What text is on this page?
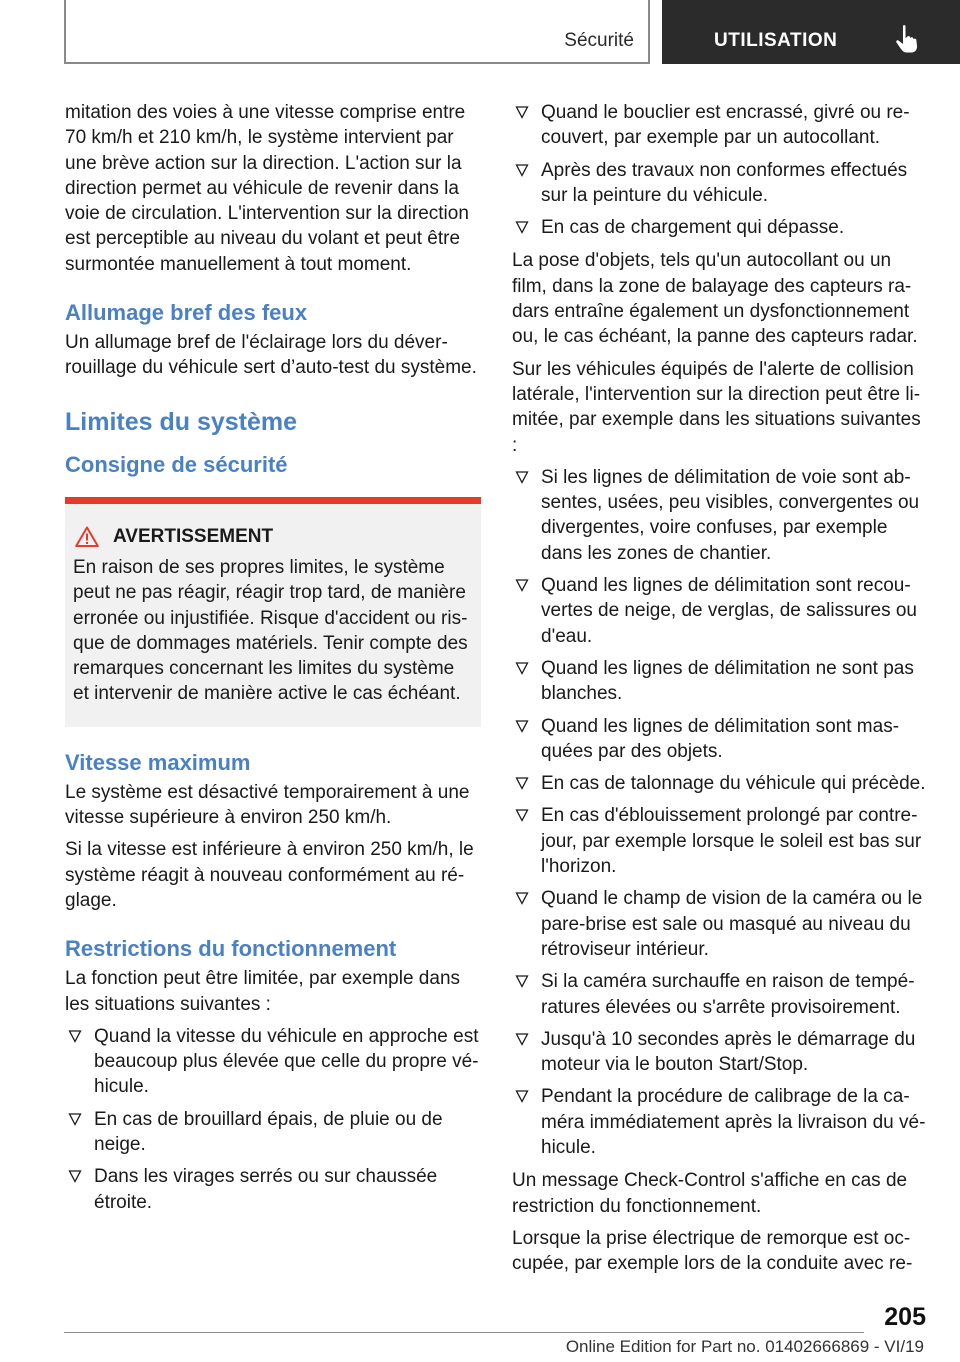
Sécurité	UTILISATION

mitation des voies à une vitesse comprise entre 70 km/h et 210 km/h, le système intervient par une brève action sur la direction. L'action sur la direction permet au véhicule de revenir dans la voie de circulation. L'intervention sur la direction est perceptible au niveau du volant et peut être surmontée manuellement à tout moment.

Allumage bref des feux

Un allumage bref de l'éclairage lors du déverrouillage du véhicule sert d’auto-test du système.

Limites du système
Consigne de sécurité
AVERTISSEMENT
En raison de ses propres limites, le système peut ne pas réagir, réagir trop tard, de manière erronée ou injustifiée. Risque d'accident ou risque de dommages matériels. Tenir compte des remarques concernant les limites du système et intervenir de manière active le cas échéant.
Vitesse maximum

Le système est désactivé temporairement à une vitesse supérieure à environ 250 km/h.

Si la vitesse est inférieure à environ 250 km/h, le système réagit à nouveau conformément au réglage.

Restrictions du fonctionnement

La fonction peut être limitée, par exemple dans les situations suivantes :

Quand la vitesse du véhicule en approche est beaucoup plus élevée que celle du propre véhicule.
En cas de brouillard épais, de pluie ou de neige.
Dans les virages serrés ou sur chaussée étroite.
Quand le bouclier est encrassé, givré ou recouvert, par exemple par un autocollant.
Après des travaux non conformes effectués sur la peinture du véhicule.
En cas de chargement qui dépasse.

La pose d'objets, tels qu'un autocollant ou un film, dans la zone de balayage des capteurs radars entraîne également un dysfonctionnement ou, le cas échéant, la panne des capteurs radar.

Sur les véhicules équipés de l'alerte de collision latérale, l'intervention sur la direction peut être limitée, par exemple dans les situations suivantes :

Si les lignes de délimitation de voie sont absentes, usées, peu visibles, convergentes ou divergentes, voire confuses, par exemple dans les zones de chantier.
Quand les lignes de délimitation sont recouvertes de neige, de verglas, de salissures ou d'eau.
Quand les lignes de délimitation ne sont pas blanches.
Quand les lignes de délimitation sont masquées par des objets.
En cas de talonnage du véhicule qui précède.
En cas d'éblouissement prolongé par contre-jour, par exemple lorsque le soleil est bas sur l'horizon.
Quand le champ de vision de la caméra ou le pare-brise est sale ou masqué au niveau du rétroviseur intérieur.
Si la caméra surchauffe en raison de températures élevées ou s'arrête provisoirement.
Jusqu'à 10 secondes après le démarrage du moteur via le bouton Start/Stop.
Pendant la procédure de calibrage de la caméra immédiatement après la livraison du véhicule.

Un message Check-Control s'affiche en cas de restriction du fonctionnement.

Lorsque la prise électrique de remorque est occupée, par exemple lors de la conduite avec re-

205
Online Edition for Part no. 01402666869 - VI/19
